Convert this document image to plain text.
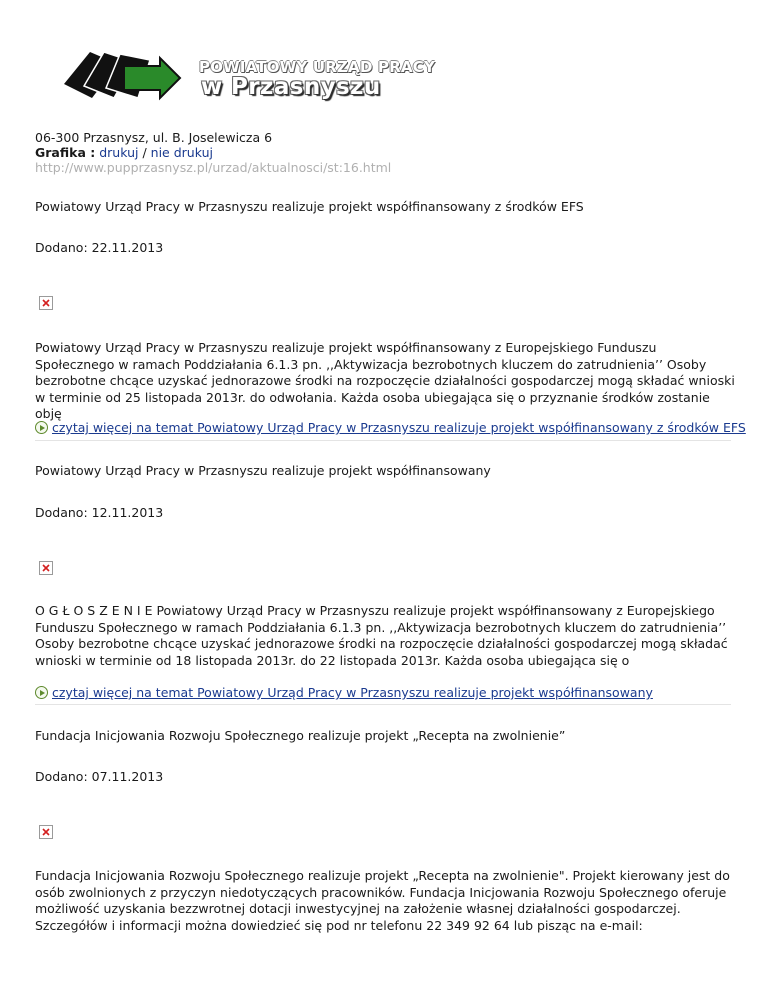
POWIATOWY URZĄD PRACY
w Przasnyszu
06-300 Przasnysz, ul. B. Joselewicza 6
Grafika : drukuj / nie drukuj
http://www.pupprzasnysz.pl/urzad/aktualnosci/st:16.html
Powiatowy Urząd Pracy w Przasnyszu realizuje projekt współfinansowany z środków EFS
Dodano: 22.11.2013
Powiatowy Urząd Pracy w Przasnyszu realizuje projekt współfinansowany z Europejskiego Funduszu Społecznego w ramach Poddziałania 6.1.3 pn. ,,Aktywizacja bezrobotnych kluczem do zatrudnienia’’ Osoby bezrobotne chcące uzyskać jednorazowe środki na rozpoczęcie działalności gospodarczej mogą składać wnioski w terminie od 25 listopada 2013r. do odwołania. Każda osoba ubiegająca się o przyznanie środków zostanie obję
czytaj więcej na temat Powiatowy Urząd Pracy w Przasnyszu realizuje projekt współfinansowany z środków EFS
Powiatowy Urząd Pracy w Przasnyszu realizuje projekt współfinansowany
Dodano: 12.11.2013
O G Ł O S Z E N I E Powiatowy Urząd Pracy w Przasnyszu realizuje projekt współfinansowany z Europejskiego Funduszu Społecznego w ramach Poddziałania 6.1.3 pn. ,,Aktywizacja bezrobotnych kluczem do zatrudnienia’’ Osoby bezrobotne chcące uzyskać jednorazowe środki na rozpoczęcie działalności gospodarczej mogą składać wnioski w terminie od 18 listopada 2013r. do 22 listopada 2013r. Każda osoba ubiegająca się o
czytaj więcej na temat Powiatowy Urząd Pracy w Przasnyszu realizuje projekt współfinansowany
Fundacja Inicjowania Rozwoju Społecznego realizuje projekt „Recepta na zwolnienie”
Dodano: 07.11.2013
Fundacja Inicjowania Rozwoju Społecznego realizuje projekt „Recepta na zwolnienie". Projekt kierowany jest do osób zwolnionych z przyczyn niedotyczących pracowników. Fundacja Inicjowania Rozwoju Społecznego oferuje możliwość uzyskania bezzwrotnej dotacji inwestycyjnej na założenie własnej działalności gospodarczej. Szczegółów i informacji można dowiedzieć się pod nr telefonu 22 349 92 64 lub pisząc na e-mail:
